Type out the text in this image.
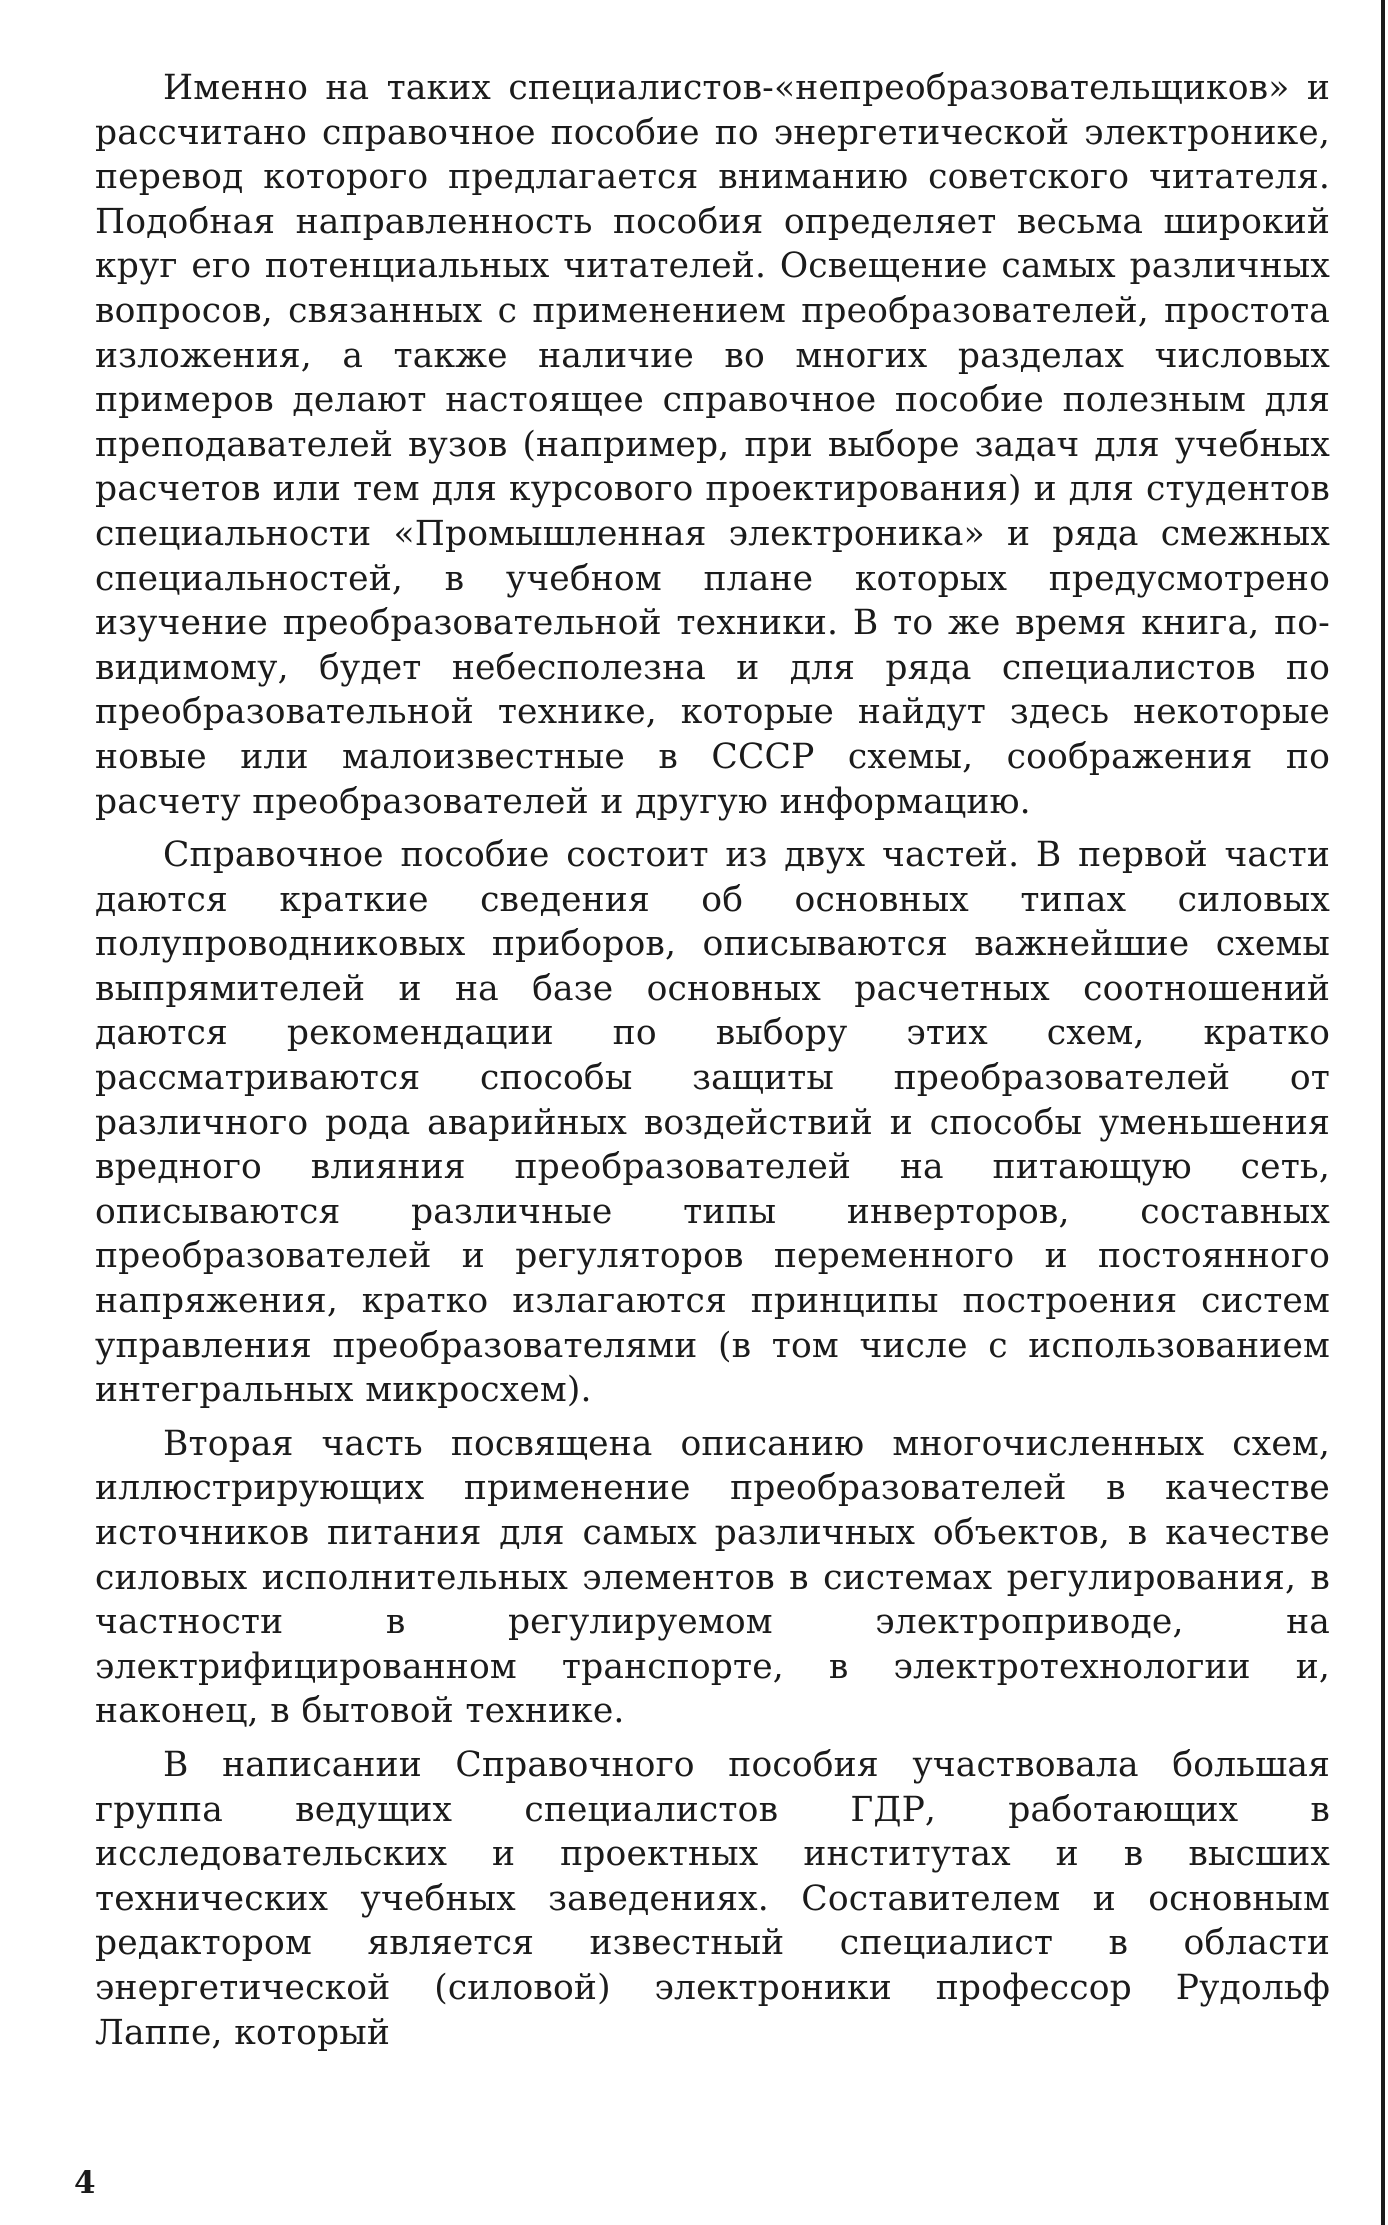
Именно на таких специалистов-«непреобразовательщиков» и рассчитано справочное пособие по энергетической электронике, перевод которого предлагается вниманию советского читателя. Подобная направленность пособия определяет весьма широкий круг его потенциальных читателей. Освещение самых различных вопросов, связанных с применением преобразователей, простота изложения, а также наличие во многих разделах числовых примеров делают настоящее справочное пособие полезным для преподавателей вузов (например, при выборе задач для учебных расчетов или тем для курсового проектирования) и для студентов специальности «Промышленная электроника» и ряда смежных специальностей, в учебном плане которых предусмотрено изучение преобразовательной техники. В то же время книга, по-видимому, будет небесполезна и для ряда специалистов по преобразовательной технике, которые найдут здесь некоторые новые или малоизвестные в СССР схемы, соображения по расчету преобразователей и другую информацию.

Справочное пособие состоит из двух частей. В первой части даются краткие сведения об основных типах силовых полупроводниковых приборов, описываются важнейшие схемы выпрямителей и на базе основных расчетных соотношений даются рекомендации по выбору этих схем, кратко рассматриваются способы защиты преобразователей от различного рода аварийных воздействий и способы уменьшения вредного влияния преобразователей на питающую сеть, описываются различные типы инверторов, составных преобразователей и регуляторов переменного и постоянного напряжения, кратко излагаются принципы построения систем управления преобразователями (в том числе с использованием интегральных микросхем).

Вторая часть посвящена описанию многочисленных схем, иллюстрирующих применение преобразователей в качестве источников питания для самых различных объектов, в качестве силовых исполнительных элементов в системах регулирования, в частности в регулируемом электроприводе, на электрифицированном транспорте, в электротехнологии и, наконец, в бытовой технике.

В написании Справочного пособия участвовала большая группа ведущих специалистов ГДР, работающих в исследовательских и проектных институтах и в высших технических учебных заведениях. Составителем и основным редактором является известный специалист в области энергетической (силовой) электроники профессор Рудольф Лаппе, который

4
